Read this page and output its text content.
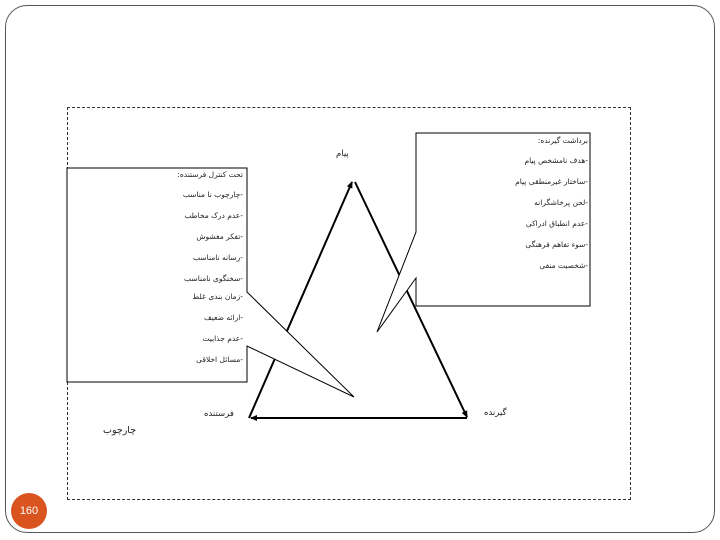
تحت کنترل فرستنده:
-چارچوب نا مناسب
-عدم درک مخاطب
-تفکر مغشوش
-رسانه نامناسب
-سخنگوی نامناسب
-زمان بندی غلط
-ارائه ضعیف
-عدم جذابیت
-مسائل اخلاقی
برداشت گیرنده:
-هدف نامشخص پیام
-ساختار غیرمنطقی پیام
-لحن پرخاشگرانه
-عدم انطباق ادراکی
-سوء تفاهم فرهنگی
-شخصیت منفی
پیام
فرستنده	گیرنده
چارچوب
160
